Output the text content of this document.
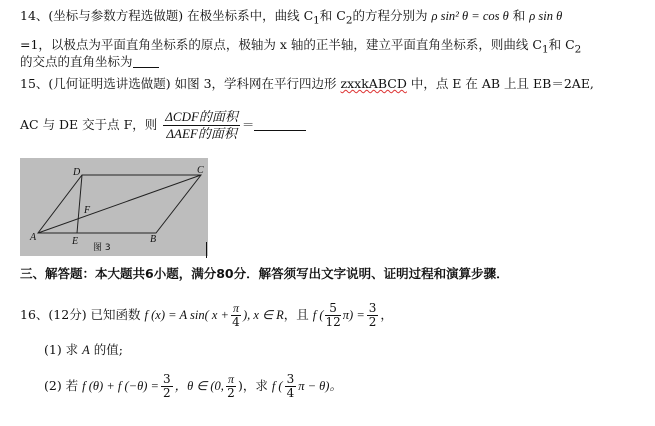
14、(坐标与参数方程选做题) 在极坐标系中，曲线 $C_1$和 $C_2$的方程分别为 ρ sin² θ = cos θ 和 ρ sin θ
=1，以极点为平面直角坐标系的原点，极轴为 x 轴的正半轴，建立平面直角坐标系，则曲线 $C_1$和 $C_2$
的交点的直角坐标为
15、(几何证明选讲选做题) 如图 3，学科网在平行四边形 zxxkABCD 中，点 E 在 AB 上且 EB＝2AE,
AC 与 DE 交于点 F，则 $\frac{\text{ΔCDF的面积}}{\text{ΔAEF的面积}}$ ＝
A	B
C
D
E
F
图 3
三、解答题：本大题共6小题，满分80分．解答须写出文字说明、证明过程和演算步骤．
16、(12分) 已知函数 f (x) = A sin( $x + \frac{\pi}{4}$ ), x ∈ R，且 f ( $\frac{5}{12} \pi) = \frac{3}{2}$ ，
(1) 求 A 的值;
(2) 若 f (θ) + f $(-\theta) = \frac{3}{2}$ ，θ ∈ (0, $\frac{\pi}{2}$ )，求 f ( $\frac{3}{4}$ π − θ)。
